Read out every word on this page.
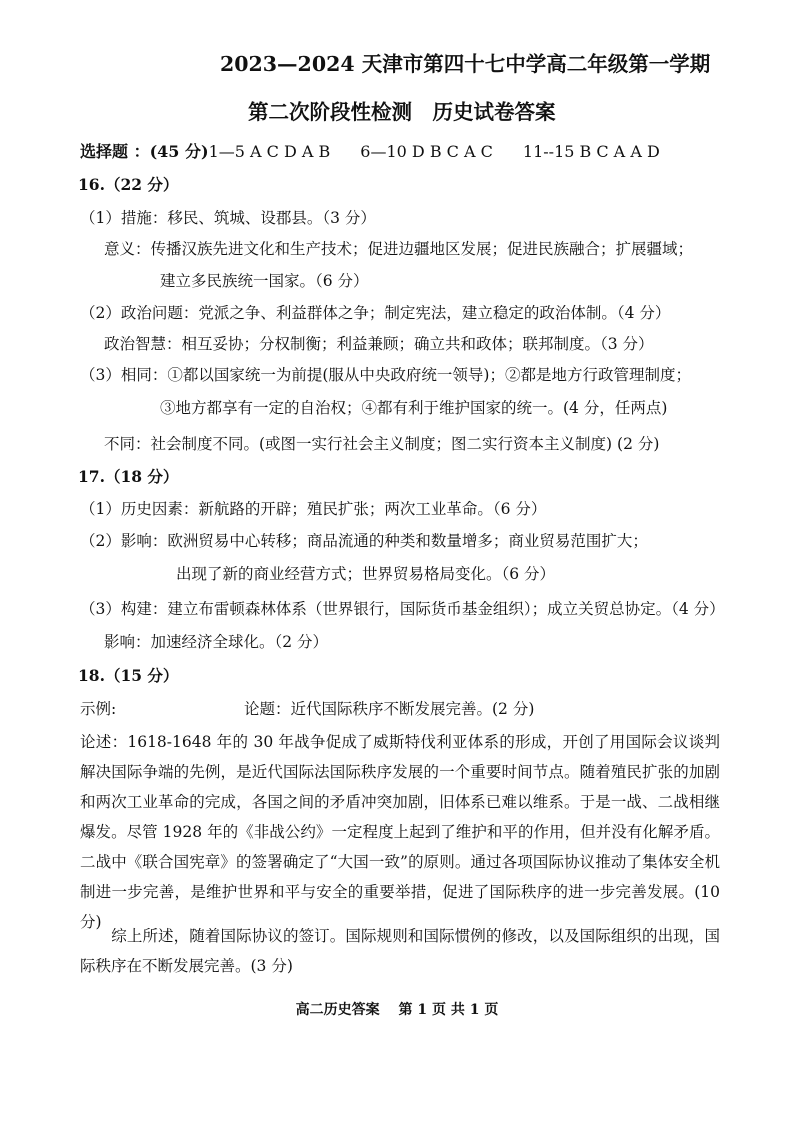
2023—2024 天津市第四十七中学高二年级第一学期
第二次阶段性检测　历史试卷答案
选择题 ：(45 分)1—5 A C D A B 6—10 D B C A C 11--15 B C A A D
16.（22 分）
（1）措施：移民、筑城、设郡县。（3 分）
意义：传播汉族先进文化和生产技术；促进边疆地区发展；促进民族融合；扩展疆域；
建立多民族统一国家。（6 分）
（2）政治问题：党派之争、利益群体之争；制定宪法，建立稳定的政治体制。（4 分）
政治智慧：相互妥协；分权制衡；利益兼顾；确立共和政体；联邦制度。（3 分）
（3）相同：①都以国家统一为前提(服从中央政府统一领导)；②都是地方行政管理制度；
③地方都享有一定的自治权；④都有利于维护国家的统一。(4 分，任两点)
不同：社会制度不同。(或图一实行社会主义制度；图二实行资本主义制度) (2 分)
17.（18 分）
（1）历史因素：新航路的开辟；殖民扩张；两次工业革命。（6 分）
（2）影响：欧洲贸易中心转移；商品流通的种类和数量增多；商业贸易范围扩大；
出现了新的商业经营方式；世界贸易格局变化。（6 分）
（3）构建：建立布雷顿森林体系（世界银行，国际货币基金组织）；成立关贸总协定。（4 分）
影响：加速经济全球化。（2 分）
18.（15 分）
示例:	论题：近代国际秩序不断发展完善。(2 分)
论述：1618-1648 年的 30 年战争促成了威斯特伐利亚体系的形成，开创了用国际会议谈判解决国际争端的先例，是近代国际法国际秩序发展的一个重要时间节点。随着殖民扩张的加剧和两次工业革命的完成，各国之间的矛盾冲突加剧，旧体系已难以维系。于是一战、二战相继爆发。尽管 1928 年的《非战公约》一定程度上起到了维护和平的作用，但并没有化解矛盾。二战中《联合国宪章》的签署确定了“大国一致”的原则。通过各项国际协议推动了集体安全机制进一步完善，是维护世界和平与安全的重要举措，促进了国际秩序的进一步完善发展。(10 分)
　　综上所述，随着国际协议的签订。国际规则和国际惯例的修改，以及国际组织的出现，国际秩序在不断发展完善。(3 分)
高二历史答案　 第 1 页 共 1 页
